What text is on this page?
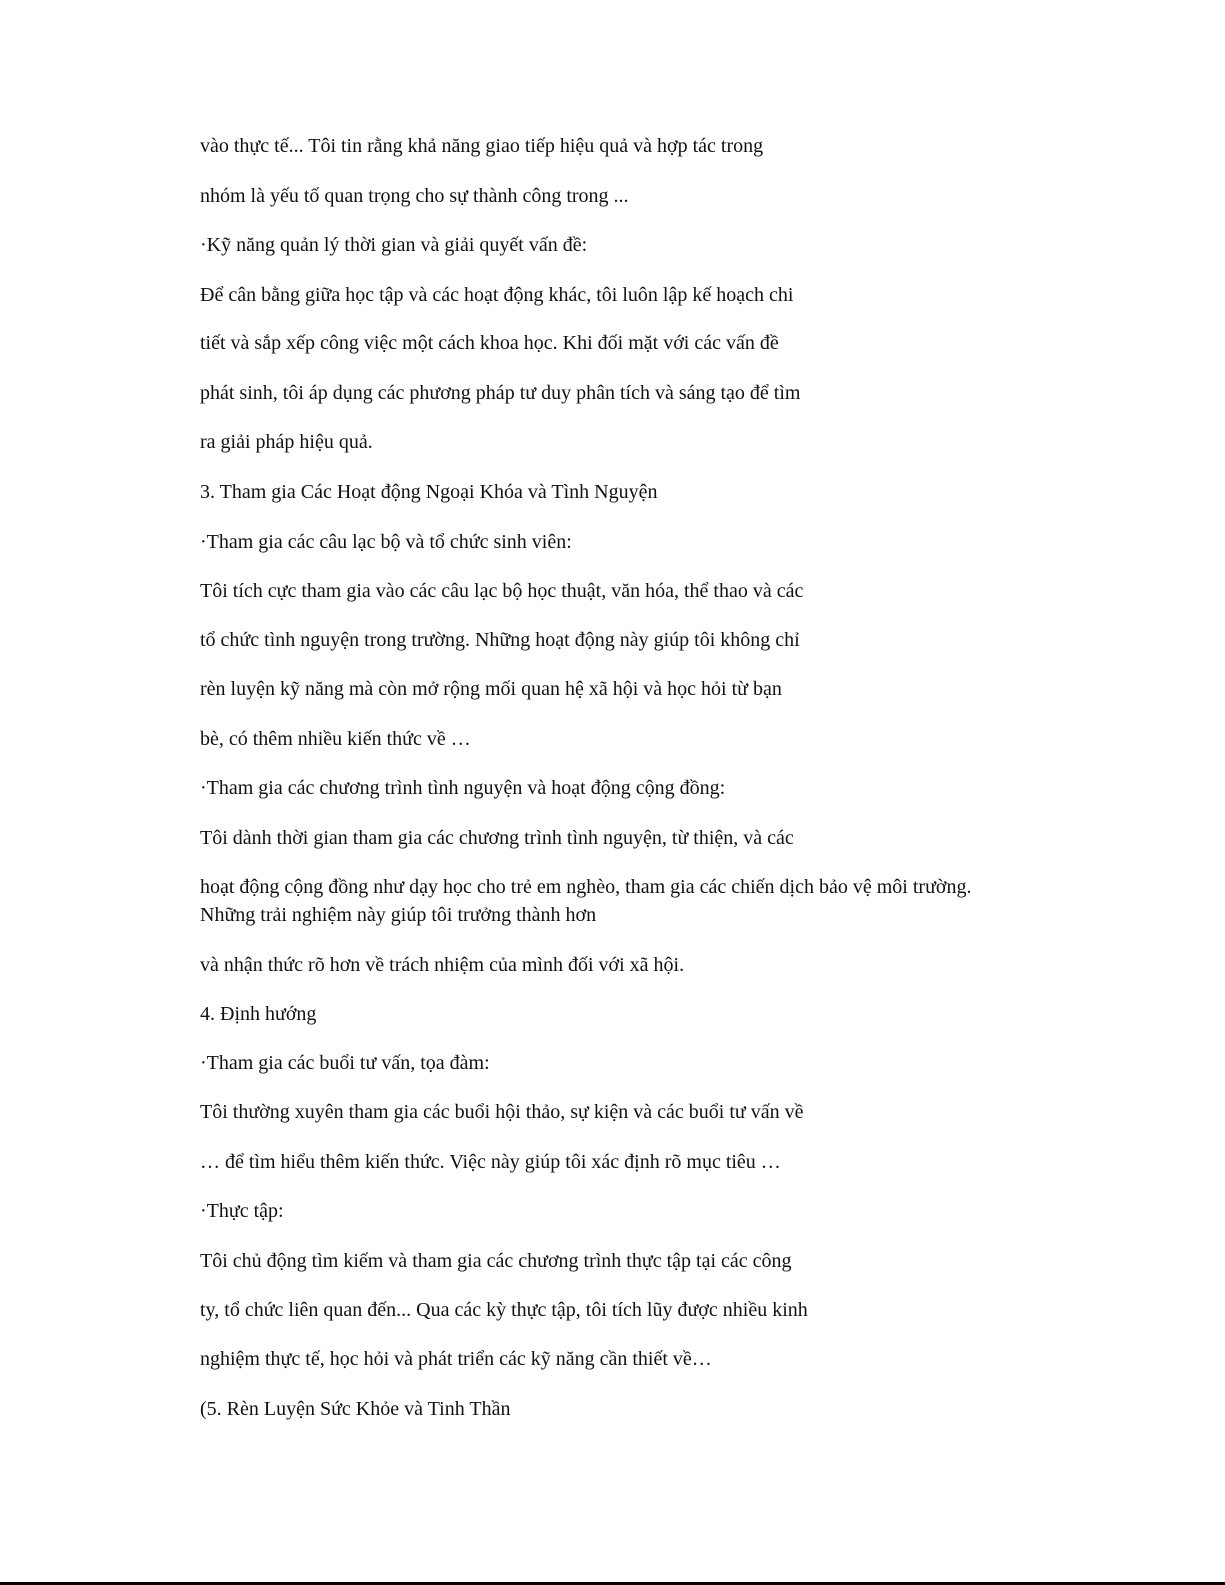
vào thực tế... Tôi tin rằng khả năng giao tiếp hiệu quả và hợp tác trong
nhóm là yếu tố quan trọng cho sự thành công trong ...
·Kỹ năng quản lý thời gian và giải quyết vấn đề:
Để cân bằng giữa học tập và các hoạt động khác, tôi luôn lập kế hoạch chi
tiết và sắp xếp công việc một cách khoa học. Khi đối mặt với các vấn đề
phát sinh, tôi áp dụng các phương pháp tư duy phân tích và sáng tạo để tìm
ra giải pháp hiệu quả.
3. Tham gia Các Hoạt động Ngoại Khóa và Tình Nguyện
·Tham gia các câu lạc bộ và tổ chức sinh viên:
Tôi tích cực tham gia vào các câu lạc bộ học thuật, văn hóa, thể thao và các
tổ chức tình nguyện trong trường. Những hoạt động này giúp tôi không chỉ
rèn luyện kỹ năng mà còn mở rộng mối quan hệ xã hội và học hỏi từ bạn
bè, có thêm nhiều kiến thức về …
·Tham gia các chương trình tình nguyện và hoạt động cộng đồng:
Tôi dành thời gian tham gia các chương trình tình nguyện, từ thiện, và các
hoạt động cộng đồng như dạy học cho trẻ em nghèo, tham gia các chiến dịch bảo vệ môi trường. Những trải nghiệm này giúp tôi trưởng thành hơn
và nhận thức rõ hơn về trách nhiệm của mình đối với xã hội.
4. Định hướng
·Tham gia các buổi tư vấn, tọa đàm:
Tôi thường xuyên tham gia các buổi hội thảo, sự kiện và các buổi tư vấn về
… để tìm hiểu thêm kiến thức. Việc này giúp tôi xác định rõ mục tiêu …
·Thực tập:
Tôi chủ động tìm kiếm và tham gia các chương trình thực tập tại các công
ty, tổ chức liên quan đến... Qua các kỳ thực tập, tôi tích lũy được nhiều kinh
nghiệm thực tế, học hỏi và phát triển các kỹ năng cần thiết về…
(5. Rèn Luyện Sức Khỏe và Tinh Thần
